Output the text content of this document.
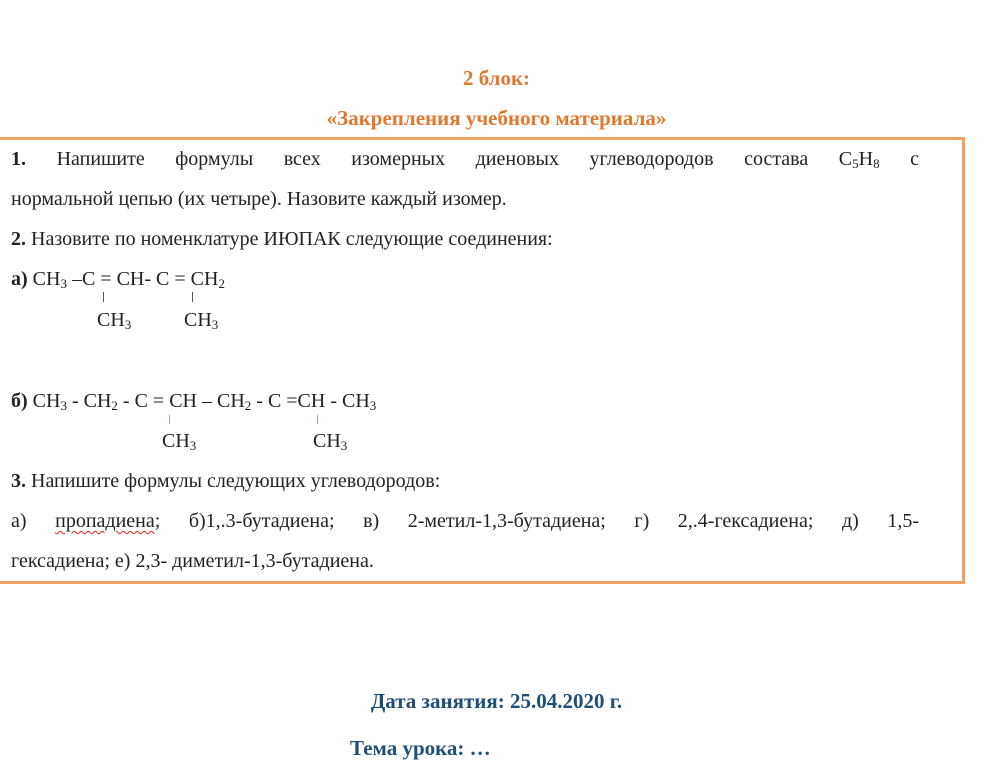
2 блок:
«Закрепления учебного материала»
1. Напишите формулы всех изомерных диеновых углеводородов состава $C_5H_8$ с
нормальной цепью (их четыре). Назовите каждый изомер.
2. Назовите по номенклатуре ИЮПАК следующие соединения:
а) $CH_3$ –C = CH- $C = CH_2$
$CH_3$	$CH_3$
б) $CH_3 - CH_2$ - C = CH – $CH_2 - C =CH - CH_3$
$CH_3$	$CH_3$
3. Напишите формулы следующих углеводородов:
а) пропадиена; б)1,.3-бутадиена; в) 2-метил-1,3-бутадиена; г) 2,.4-гексадиена; д) 1,5-
гексадиена; е) 2,3- диметил-1,3-бутадиена.
Дата занятия: 25.04.2020 г.
Тема урока: …
